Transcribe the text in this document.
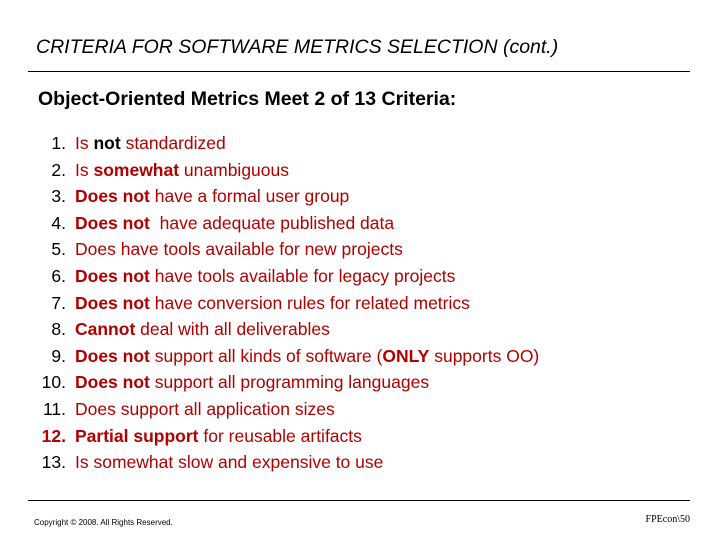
CRITERIA FOR SOFTWARE METRICS SELECTION (cont.)
Object-Oriented Metrics Meet 2 of 13 Criteria:
1. Is not standardized
2. Is somewhat unambiguous
3. Does not have a formal user group
4. Does not  have adequate published data
5. Does have tools available for new projects
6. Does not have tools available for legacy projects
7. Does not have conversion rules for related metrics
8. Cannot deal with all deliverables
9. Does not support all kinds of software (ONLY supports OO)
10. Does not support all programming languages
11. Does support all application sizes
12. Partial support for reusable artifacts
13. Is somewhat slow and expensive to use
Copyright © 2008. All Rights Reserved.	FPEcon\50
